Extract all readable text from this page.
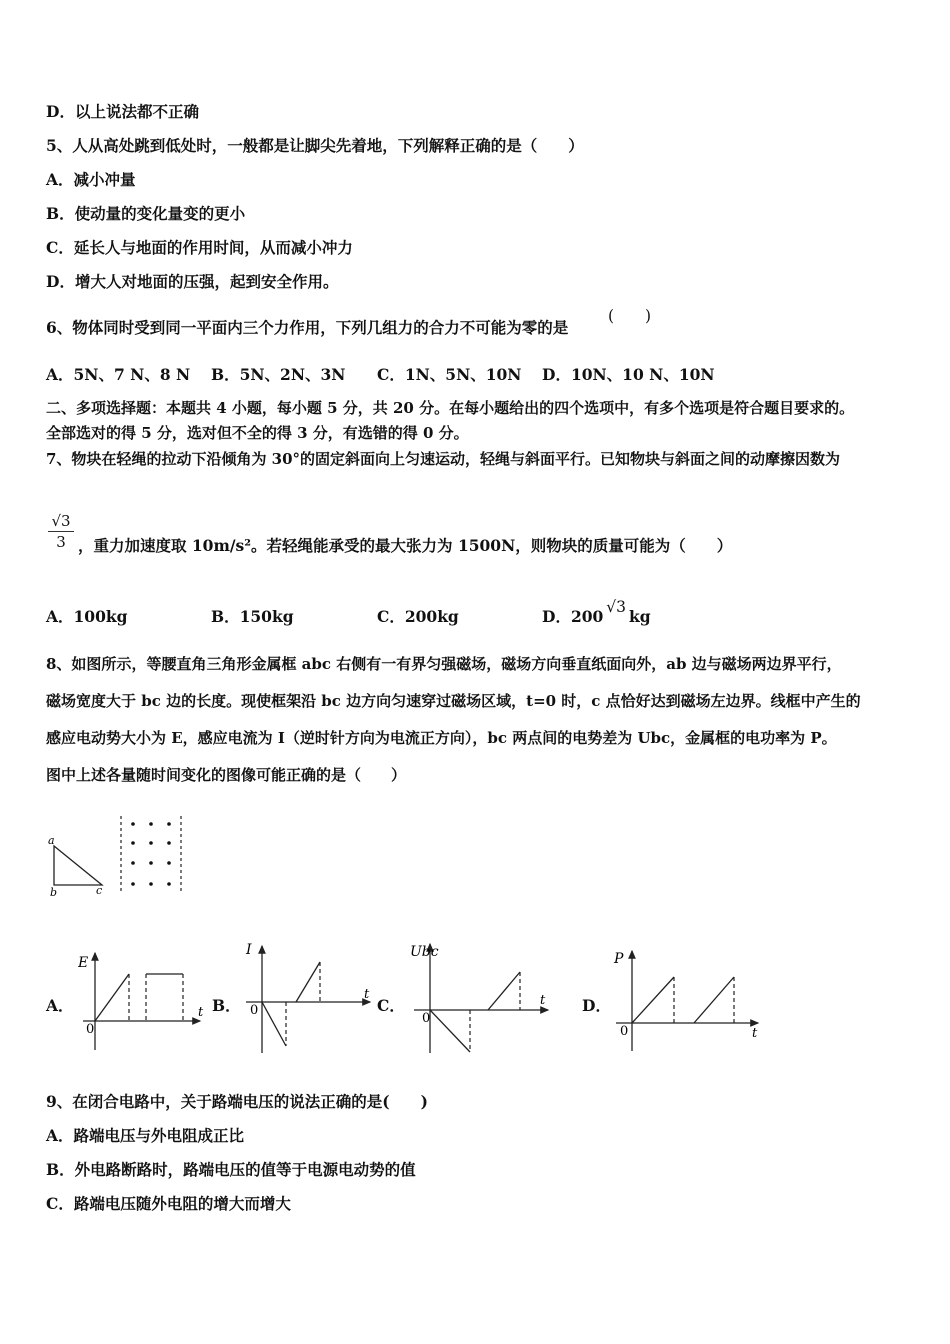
D．以上说法都不正确
5、人从高处跳到低处时，一般都是让脚尖先着地，下列解释正确的是（　　）
A．减小冲量
B．使动量的变化量变的更小
C．延长人与地面的作用时间，从而减小冲力
D．增大人对地面的压强，起到安全作用。
6、物体同时受到同一平面内三个力作用，下列几组力的合力不可能为零的是
(　　)
A．5N、7 N、8 N B．5N、2N、3N C．1N、5N、10N D．10N、10 N、10N
二、多项选择题：本题共 4 小题，每小题 5 分，共 20 分。在每小题给出的四个选项中，有多个选项是符合题目要求的。
全部选对的得 5 分，选对但不全的得 3 分，有选错的得 0 分。
7、物块在轻绳的拉动下沿倾角为 30°的固定斜面向上匀速运动，轻绳与斜面平行。已知物块与斜面之间的动摩擦因数为
√3
3 ，重力加速度取 10m/s²。若轻绳能承受的最大张力为 1500N，则物块的质量可能为（　　）
A．100kg	B．150kg	C．200kg	D．200 √3 kg
8、如图所示，等腰直角三角形金属框 abc 右侧有一有界匀强磁场，磁场方向垂直纸面向外，ab 边与磁场两边界平行，
磁场宽度大于 bc 边的长度。现使框架沿 bc 边方向匀速穿过磁场区域，t=0 时，c 点恰好达到磁场左边界。线框中产生的
感应电动势大小为 E，感应电流为 I（逆时针方向为电流正方向），bc 两点间的电势差为 Ubc，金属框的电功率为 P。
图中上述各量随时间变化的图像可能正确的是（　　）
a
b	c
A．
E
t
0
B．
I
t
0	C．
Ubc
t
0
D．
P
t
0
9、在闭合电路中，关于路端电压的说法正确的是(　　)
A．路端电压与外电阻成正比
B．外电路断路时，路端电压的值等于电源电动势的值
C．路端电压随外电阻的增大而增大
